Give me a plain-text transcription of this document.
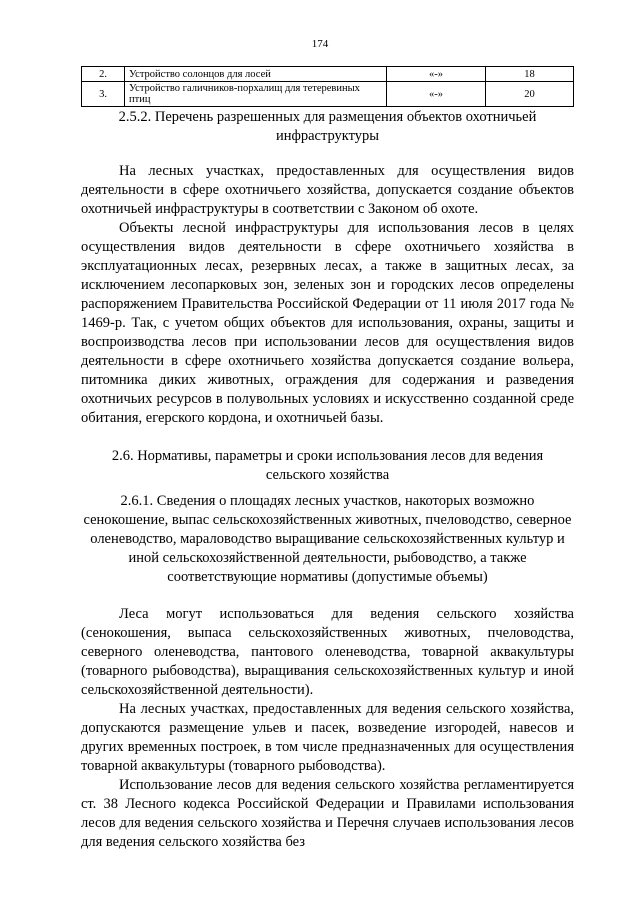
174
2.	Устройство солонцов для лосей	«-»	18
3.	Устройство галичников-порхалищ для тетеревиных птиц	«-»	20
2.5.2. Перечень разрешенных для размещения объектов охотничьей инфраструктуры
На лесных участках, предоставленных для осуществления видов деятельности в сфере охотничьего хозяйства, допускается создание объектов охотничьей инфраструктуры в соответствии с Законом об охоте.
Объекты лесной инфраструктуры для использования лесов в целях осуществления видов деятельности в сфере охотничьего хозяйства в эксплуатационных лесах, резервных лесах, а также в защитных лесах, за исключением лесопарковых зон, зеленых зон и городских лесов определены распоряжением Правительства Российской Федерации от 11 июля 2017 года № 1469-р. Так, с учетом общих объектов для использования, охраны, защиты и воспроизводства лесов при использовании лесов для осуществления видов деятельности в сфере охотничьего хозяйства допускается создание вольера, питомника диких животных, ограждения для содержания и разведения охотничьих ресурсов в полувольных условиях и искусственно созданной среде обитания, егерского кордона, и охотничьей базы.
2.6. Нормативы, параметры и сроки использования лесов для ведения сельского хозяйства
2.6.1. Сведения о площадях лесных участков, накоторых возможно сенокошение, выпас сельскохозяйственных животных, пчеловодство, северное оленеводство, мараловодство выращивание сельскохозяйственных культур и иной сельскохозяйственной деятельности, рыбоводство, а также соответствующие нормативы (допустимые объемы)
Леса могут использоваться для ведения сельского хозяйства (сенокошения, выпаса сельскохозяйственных животных, пчеловодства, северного оленеводства, пантового оленеводства, товарной аквакультуры (товарного рыбоводства), выращивания сельскохозяйственных культур и иной сельскохозяйственной деятельности).
На лесных участках, предоставленных для ведения сельского хозяйства, допускаются размещение ульев и пасек, возведение изгородей, навесов и других временных построек, в том числе предназначенных для осуществления товарной аквакультуры (товарного рыбоводства).
Использование лесов для ведения сельского хозяйства регламентируется ст. 38 Лесного кодекса Российской Федерации и Правилами использования лесов для ведения сельского хозяйства и Перечня случаев использования лесов для ведения сельского хозяйства без
